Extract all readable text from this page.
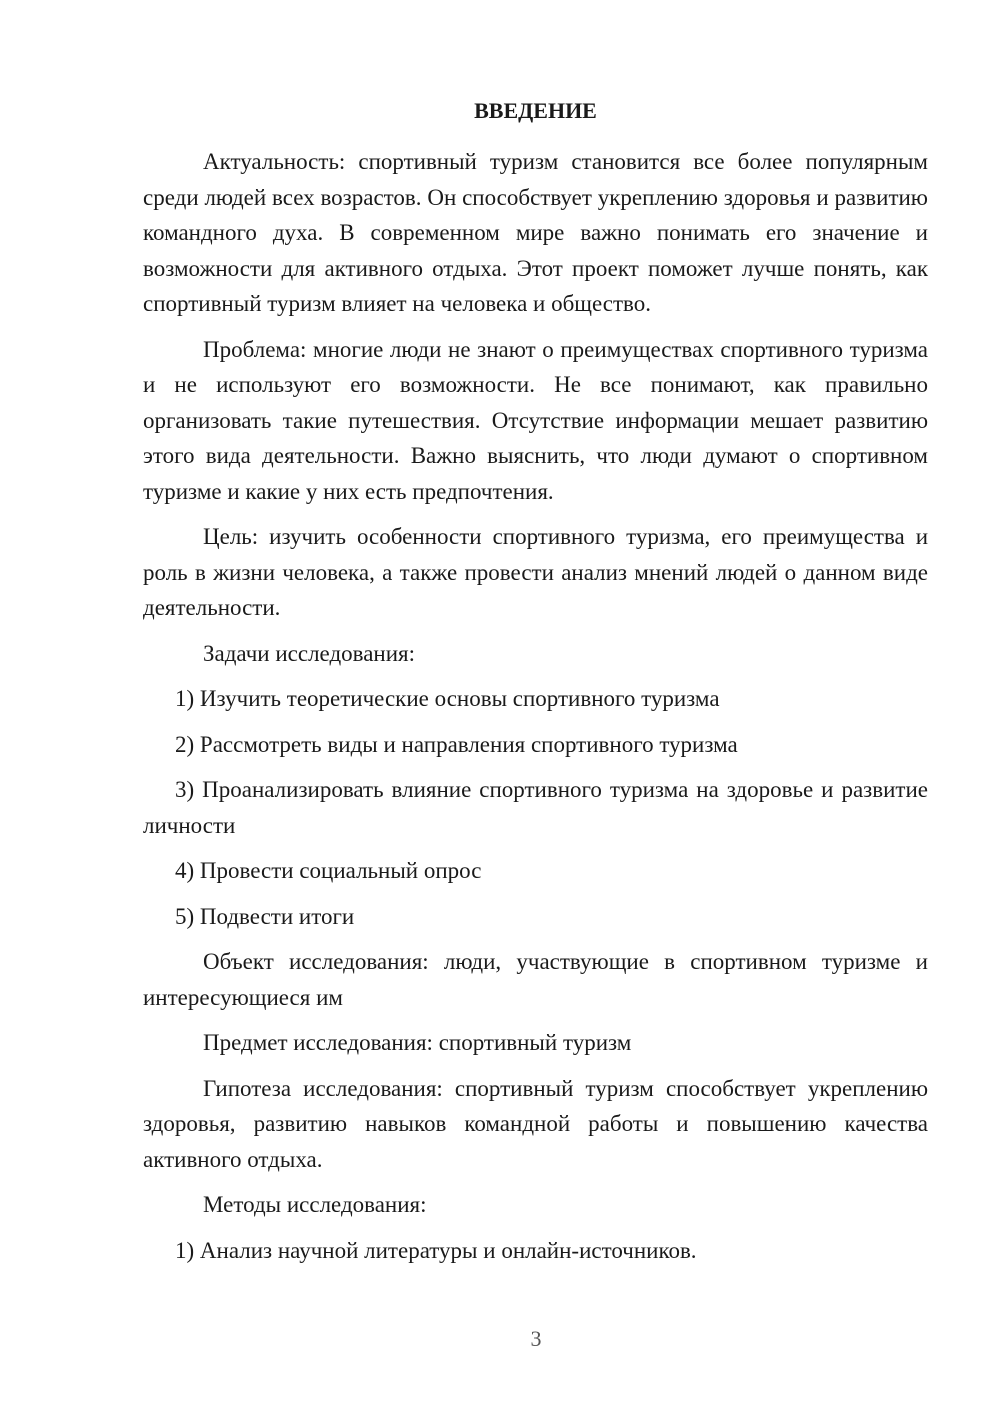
ВВЕДЕНИЕ

Актуальность: спортивный туризм становится все более популярным среди людей всех возрастов. Он способствует укреплению здоровья и развитию командного духа. В современном мире важно понимать его значение и возможности для активного отдыха. Этот проект поможет лучше понять, как спортивный туризм влияет на человека и общество.

Проблема: многие люди не знают о преимуществах спортивного туризма и не используют его возможности. Не все понимают, как правильно организовать такие путешествия. Отсутствие информации мешает развитию этого вида деятельности. Важно выяснить, что люди думают о спортивном туризме и какие у них есть предпочтения.

Цель: изучить особенности спортивного туризма, его преимущества и роль в жизни человека, а также провести анализ мнений людей о данном виде деятельности.

Задачи исследования:

1) Изучить теоретические основы спортивного туризма

2) Рассмотреть виды и направления спортивного туризма

3) Проанализировать влияние спортивного туризма на здоровье и развитие личности

4) Провести социальный опрос

5) Подвести итоги

Объект исследования: люди, участвующие в спортивном туризме и интересующиеся им

Предмет исследования: спортивный туризм

Гипотеза исследования: спортивный туризм способствует укреплению здоровья, развитию навыков командной работы и повышению качества активного отдыха.

Методы исследования:

1) Анализ научной литературы и онлайн-источников.

3
